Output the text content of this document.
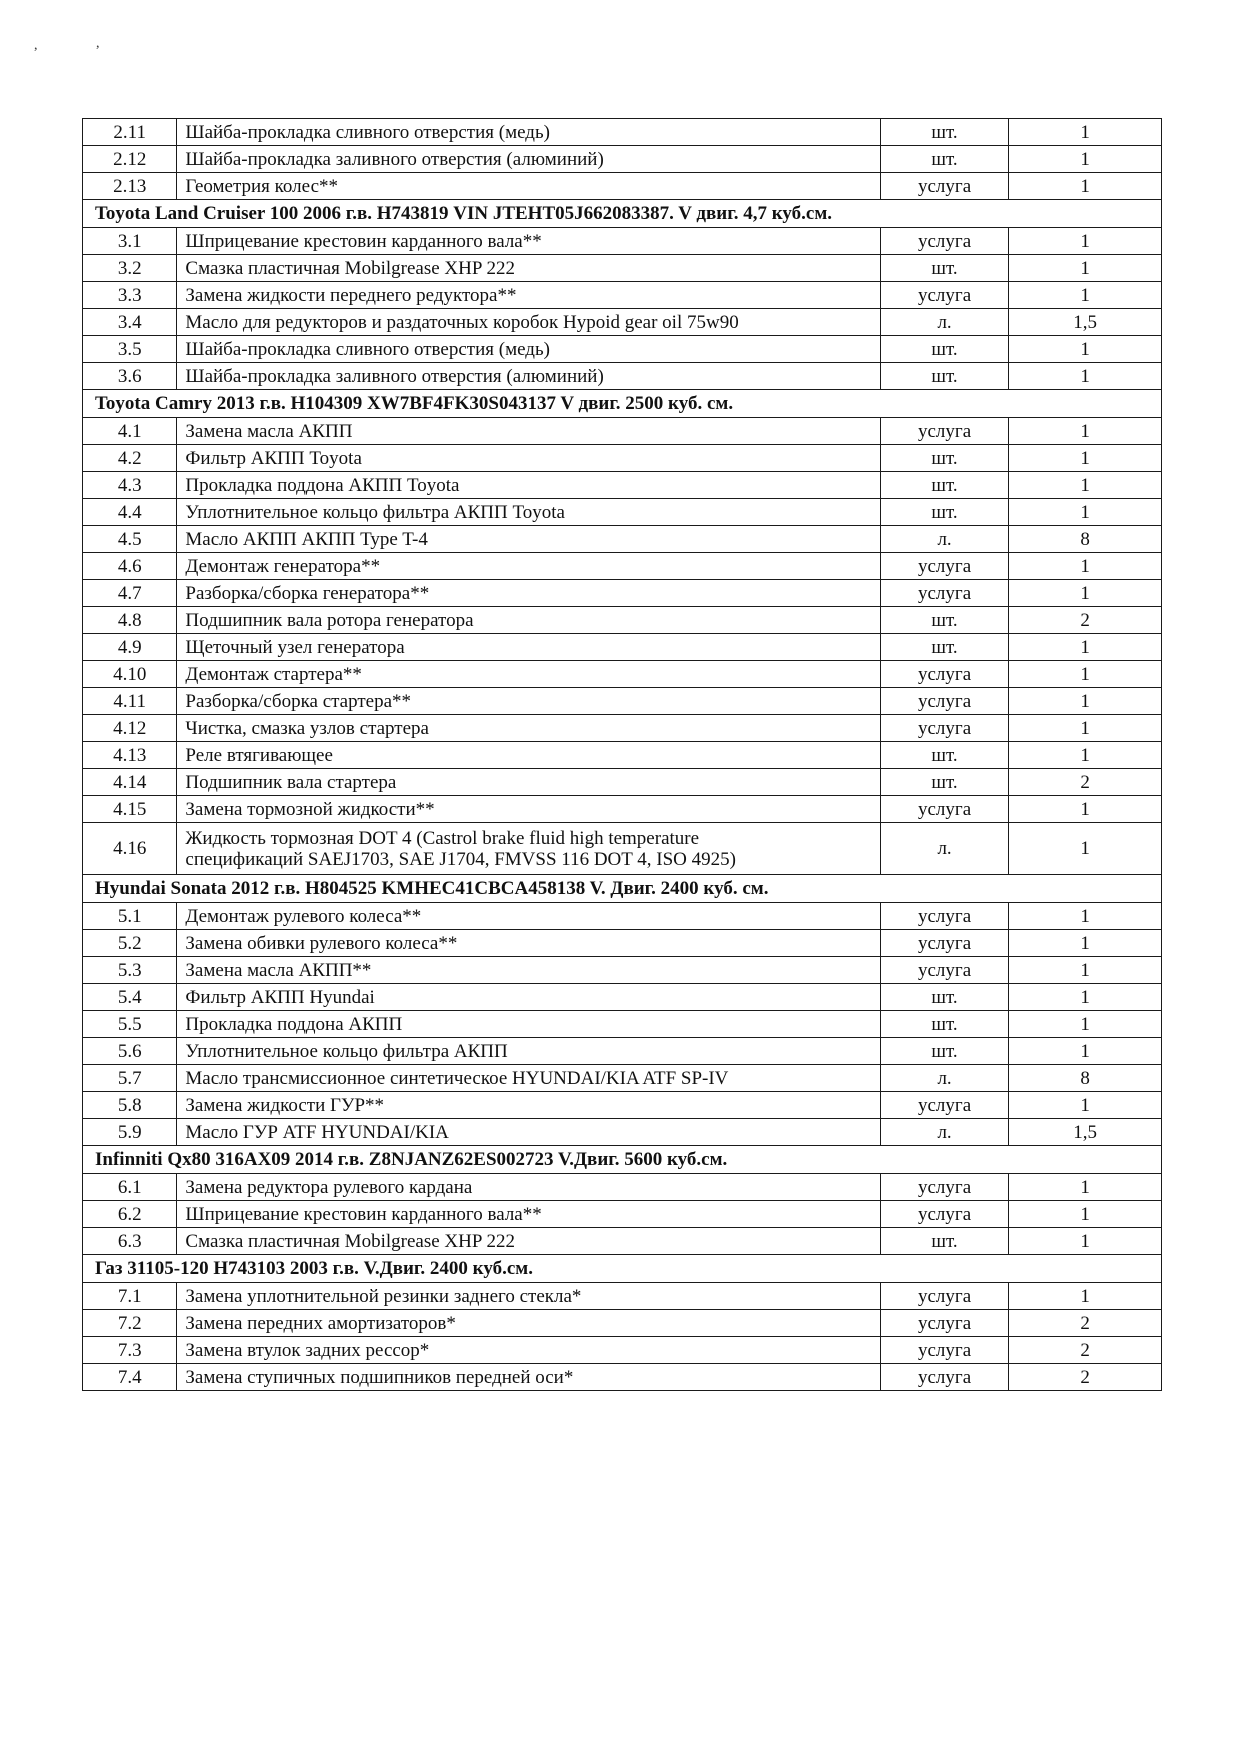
,	,
2.11	Шайба-прокладка сливного отверстия (медь)	шт.	1
2.12	Шайба-прокладка заливного отверстия (алюминий)	шт.	1
2.13	Геометрия колес**	услуга	1
Toyota Land Cruiser 100 2006 г.в. Н743819 VIN JTEHT05J662083387. V двиг. 4,7 куб.см.			
3.1	Шприцевание крестовин карданного вала**	услуга	1
3.2	Смазка пластичная Mobilgrease XHP 222	шт.	1
3.3	Замена жидкости переднего редуктора**	услуга	1
3.4	Масло для редукторов и раздаточных коробок Hypoid gear oil 75w90	л.	1,5
3.5	Шайба-прокладка сливного отверстия (медь)	шт.	1
3.6	Шайба-прокладка заливного отверстия (алюминий)	шт.	1
Toyota Camry 2013 г.в. Н104309 XW7BF4FK30S043137 V двиг. 2500 куб. см.			
4.1	Замена масла АКПП	услуга	1
4.2	Фильтр АКПП Toyota	шт.	1
4.3	Прокладка поддона АКПП Toyota	шт.	1
4.4	Уплотнительное кольцо фильтра АКПП Toyota	шт.	1
4.5	Масло АКПП АКПП Type T-4	л.	8
4.6	Демонтаж генератора**	услуга	1
4.7	Разборка/сборка генератора**	услуга	1
4.8	Подшипник вала ротора генератора	шт.	2
4.9	Щеточный узел генератора	шт.	1
4.10	Демонтаж стартера**	услуга	1
4.11	Разборка/сборка стартера**	услуга	1
4.12	Чистка, смазка узлов стартера	услуга	1
4.13	Реле втягивающее	шт.	1
4.14	Подшипник вала стартера	шт.	2
4.15	Замена тормозной жидкости**	услуга	1
4.16	Жидкость тормозная DOT 4 (Castrol brake fluid high temperature
спецификаций SAEJ1703, SAE J1704, FMVSS 116 DOT 4, ISO 4925)	л.	1
Hyundai Sonata 2012 г.в. Н804525 KMHEC41CBCA458138 V. Двиг. 2400 куб. см.			
5.1	Демонтаж рулевого колеса**	услуга	1
5.2	Замена обивки рулевого колеса**	услуга	1
5.3	Замена масла АКПП**	услуга	1
5.4	Фильтр АКПП Hyundai	шт.	1
5.5	Прокладка поддона АКПП	шт.	1
5.6	Уплотнительное кольцо фильтра АКПП	шт.	1
5.7	Масло трансмиссионное синтетическое HYUNDAI/KIA ATF SP-IV	л.	8
5.8	Замена жидкости ГУР**	услуга	1
5.9	Масло ГУР ATF HYUNDAI/KIA	л.	1,5
Infinniti Qx80 316AX09 2014 г.в. Z8NJANZ62ES002723 V.Двиг. 5600 куб.см.			
6.1	Замена редуктора рулевого кардана	услуга	1
6.2	Шприцевание крестовин карданного вала**	услуга	1
6.3	Смазка пластичная Mobilgrease XHP 222	шт.	1
Газ 31105-120 Н743103 2003 г.в. V.Двиг. 2400 куб.см.			
7.1	Замена уплотнительной резинки заднего стекла*	услуга	1
7.2	Замена передних амортизаторов*	услуга	2
7.3	Замена втулок задних рессор*	услуга	2
7.4	Замена ступичных подшипников передней оси*	услуга	2
